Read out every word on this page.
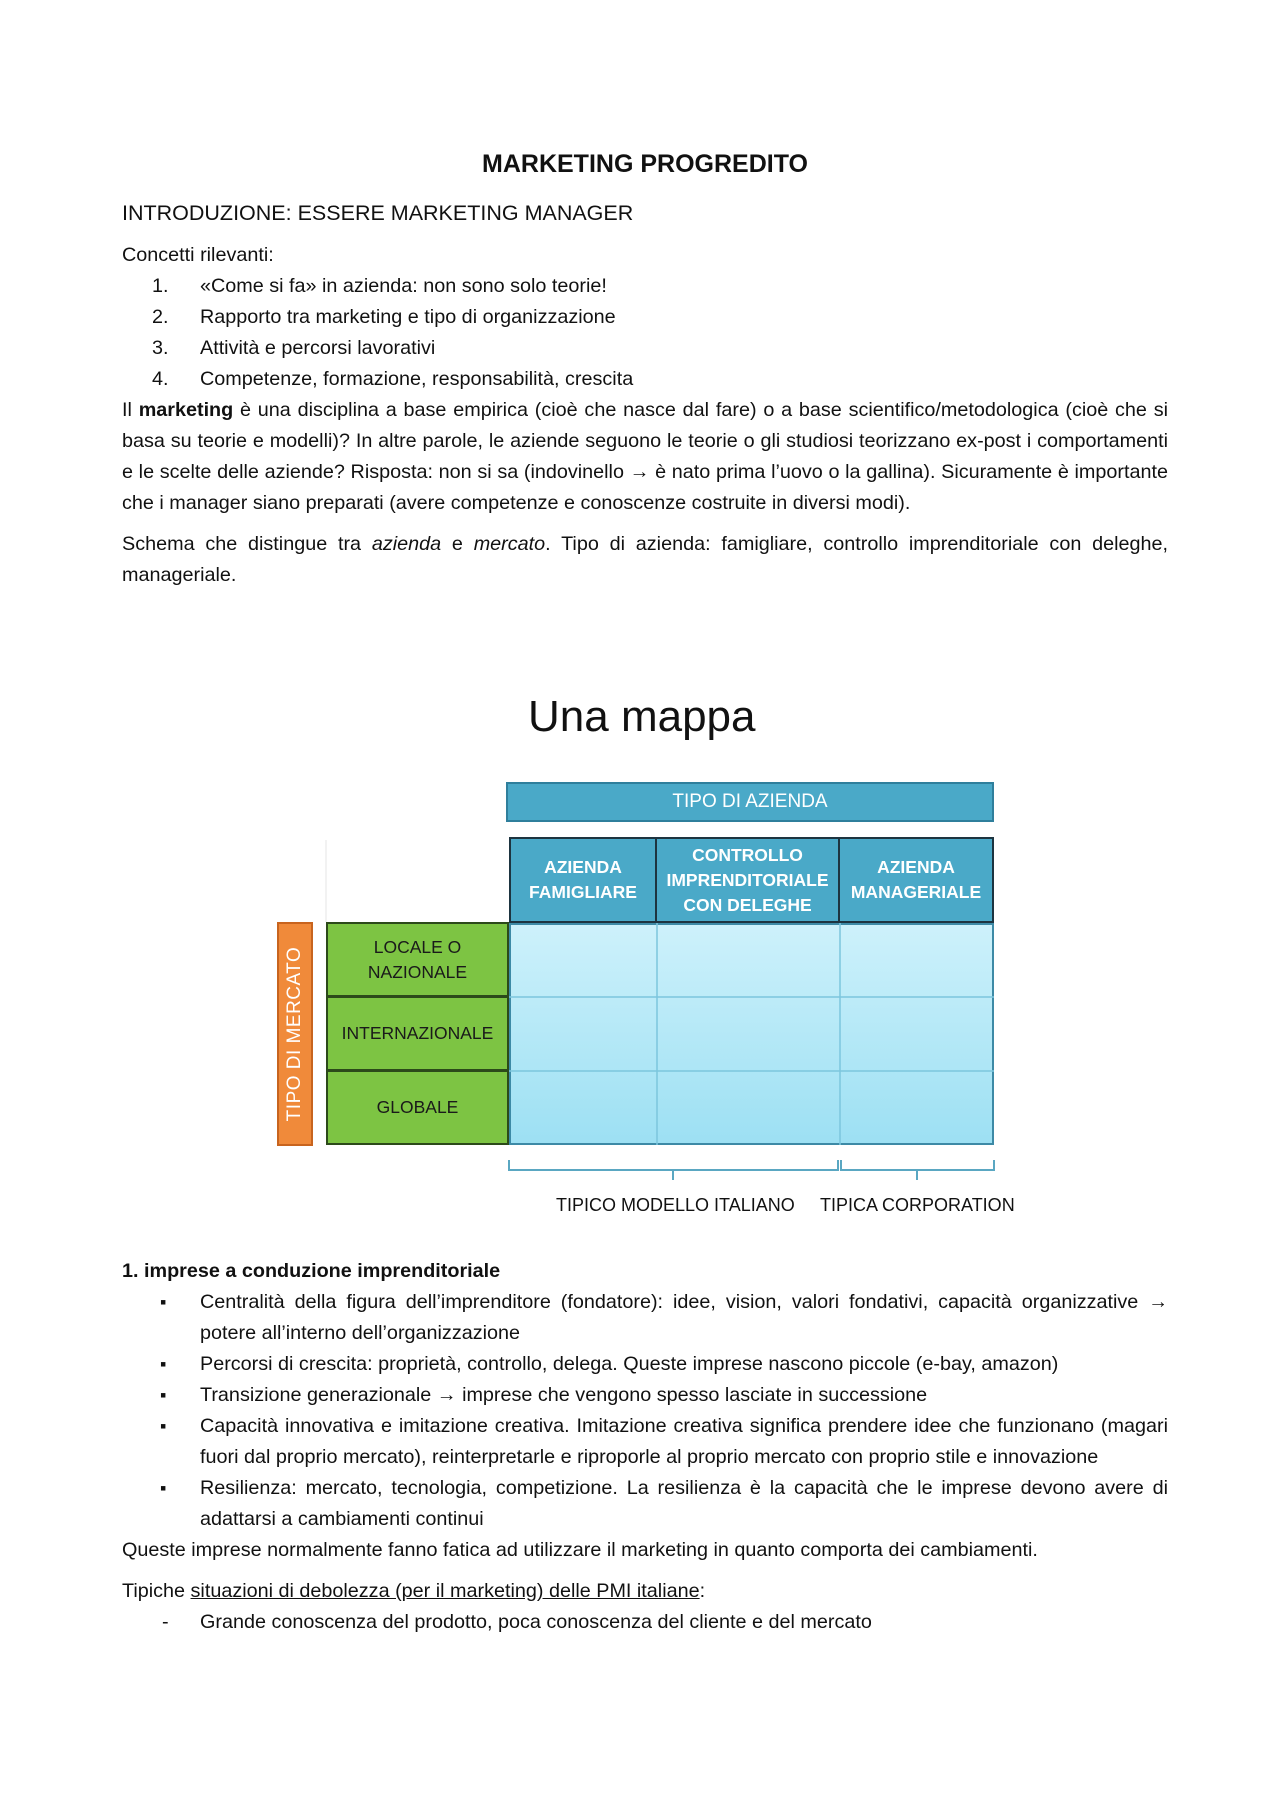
MARKETING PROGREDITO
INTRODUZIONE: ESSERE MARKETING MANAGER

Concetti rilevanti:

1. «Come si fa» in azienda: non sono solo teorie!
2. Rapporto tra marketing e tipo di organizzazione
3. Attività e percorsi lavorativi
4. Competenze, formazione, responsabilità, crescita

Il marketing è una disciplina a base empirica (cioè che nasce dal fare) o a base scientifico/metodologica (cioè che si basa su teorie e modelli)? In altre parole, le aziende seguono le teorie o gli studiosi teorizzano ex-post i comportamenti e le scelte delle aziende? Risposta: non si sa (indovinello → è nato prima l’uovo o la gallina). Sicuramente è importante che i manager siano preparati (avere competenze e conoscenze costruite in diversi modi).

Schema che distingue tra azienda e mercato. Tipo di azienda: famigliare, controllo imprenditoriale con deleghe, manageriale.

Una mappa
TIPO DI AZIENDA
AZIENDA FAMIGLIARE
CONTROLLO IMPRENDITORIALE CON DELEGHE
AZIENDA MANAGERIALE
TIPO DI MERCATO
LOCALE O NAZIONALE
INTERNAZIONALE
GLOBALE
TIPICO MODELLO ITALIANO TIPICA CORPORATION
1. imprese a conduzione imprenditoriale
▪ Centralità della figura dell’imprenditore (fondatore): idee, vision, valori fondativi, capacità organizzative → potere all’interno dell’organizzazione
▪ Percorsi di crescita: proprietà, controllo, delega. Queste imprese nascono piccole (e-bay, amazon)
▪ Transizione generazionale → imprese che vengono spesso lasciate in successione
▪ Capacità innovativa e imitazione creativa. Imitazione creativa significa prendere idee che funzionano (magari fuori dal proprio mercato), reinterpretarle e riproporle al proprio mercato con proprio stile e innovazione
▪ Resilienza: mercato, tecnologia, competizione. La resilienza è la capacità che le imprese devono avere di adattarsi a cambiamenti continui

Queste imprese normalmente fanno fatica ad utilizzare il marketing in quanto comporta dei cambiamenti.

Tipiche situazioni di debolezza (per il marketing) delle PMI italiane:

- Grande conoscenza del prodotto, poca conoscenza del cliente e del mercato
